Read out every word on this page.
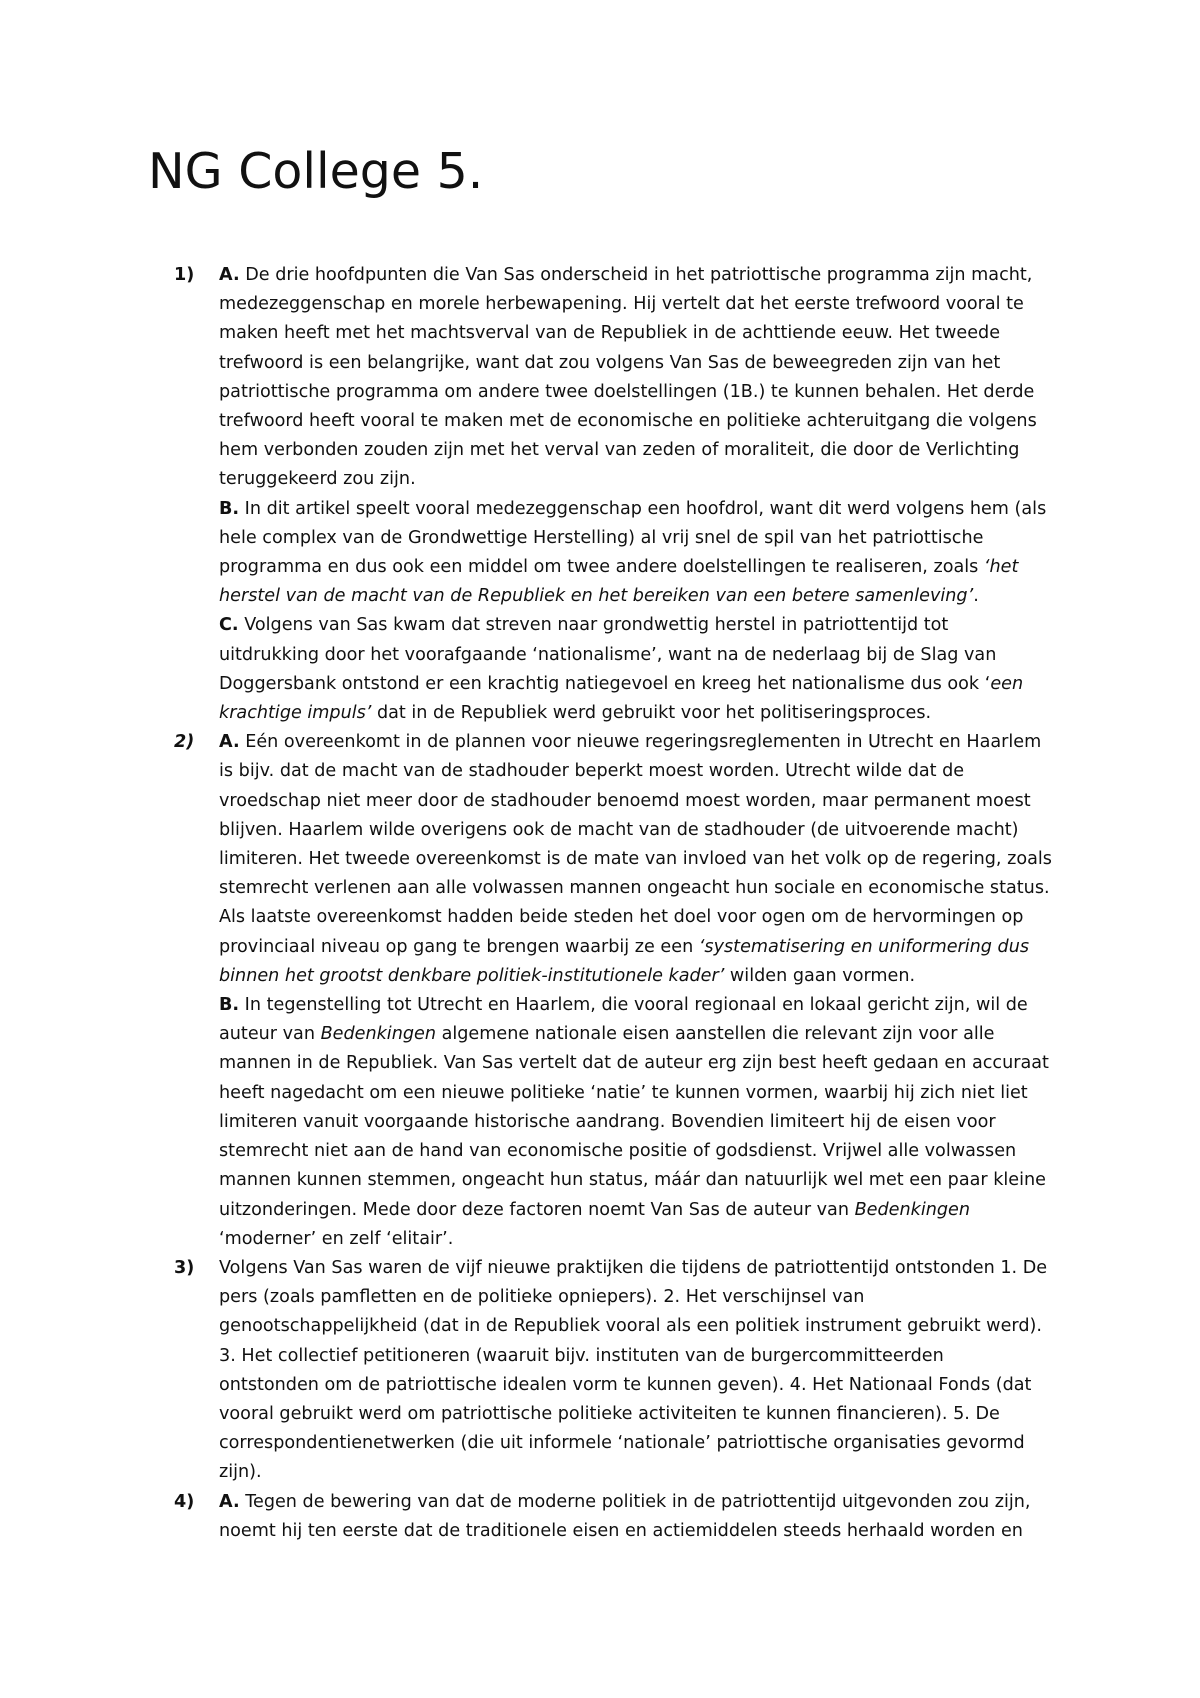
NG College 5.
1) A. De drie hoofdpunten die Van Sas onderscheid in het patriottische programma zijn macht,
medezeggenschap en morele herbewapening. Hij vertelt dat het eerste trefwoord vooral te
maken heeft met het machtsverval van de Republiek in de achttiende eeuw. Het tweede
trefwoord is een belangrijke, want dat zou volgens Van Sas de beweegreden zijn van het
patriottische programma om andere twee doelstellingen (1B.) te kunnen behalen. Het derde
trefwoord heeft vooral te maken met de economische en politieke achteruitgang die volgens
hem verbonden zouden zijn met het verval van zeden of moraliteit, die door de Verlichting
teruggekeerd zou zijn.
B. In dit artikel speelt vooral medezeggenschap een hoofdrol, want dit werd volgens hem (als
hele complex van de Grondwettige Herstelling) al vrij snel de spil van het patriottische
programma en dus ook een middel om twee andere doelstellingen te realiseren, zoals ‘het
herstel van de macht van de Republiek en het bereiken van een betere samenleving’.
C. Volgens van Sas kwam dat streven naar grondwettig herstel in patriottentijd tot
uitdrukking door het voorafgaande ‘nationalisme’, want na de nederlaag bij de Slag van
Doggersbank ontstond er een krachtig natiegevoel en kreeg het nationalisme dus ook ‘een
krachtige impuls’ dat in de Republiek werd gebruikt voor het politiseringsproces.
2) A. Eén overeenkomt in de plannen voor nieuwe regeringsreglementen in Utrecht en Haarlem
is bijv. dat de macht van de stadhouder beperkt moest worden. Utrecht wilde dat de
vroedschap niet meer door de stadhouder benoemd moest worden, maar permanent moest
blijven. Haarlem wilde overigens ook de macht van de stadhouder (de uitvoerende macht)
limiteren. Het tweede overeenkomst is de mate van invloed van het volk op de regering, zoals
stemrecht verlenen aan alle volwassen mannen ongeacht hun sociale en economische status.
Als laatste overeenkomst hadden beide steden het doel voor ogen om de hervormingen op
provinciaal niveau op gang te brengen waarbij ze een ‘systematisering en uniformering dus
binnen het grootst denkbare politiek-institutionele kader’ wilden gaan vormen.
B. In tegenstelling tot Utrecht en Haarlem, die vooral regionaal en lokaal gericht zijn, wil de
auteur van Bedenkingen algemene nationale eisen aanstellen die relevant zijn voor alle
mannen in de Republiek. Van Sas vertelt dat de auteur erg zijn best heeft gedaan en accuraat
heeft nagedacht om een nieuwe politieke ‘natie’ te kunnen vormen, waarbij hij zich niet liet
limiteren vanuit voorgaande historische aandrang. Bovendien limiteert hij de eisen voor
stemrecht niet aan de hand van economische positie of godsdienst. Vrijwel alle volwassen
mannen kunnen stemmen, ongeacht hun status, máár dan natuurlijk wel met een paar kleine
uitzonderingen. Mede door deze factoren noemt Van Sas de auteur van Bedenkingen
‘moderner’ en zelf ‘elitair’.
3) Volgens Van Sas waren de vijf nieuwe praktijken die tijdens de patriottentijd ontstonden 1. De
pers (zoals pamfletten en de politieke opniepers). 2. Het verschijnsel van
genootschappelijkheid (dat in de Republiek vooral als een politiek instrument gebruikt werd).
3. Het collectief petitioneren (waaruit bijv. instituten van de burgercommitteerden
ontstonden om de patriottische idealen vorm te kunnen geven). 4. Het Nationaal Fonds (dat
vooral gebruikt werd om patriottische politieke activiteiten te kunnen financieren). 5. De
correspondentienetwerken (die uit informele ‘nationale’ patriottische organisaties gevormd
zijn).
4) A. Tegen de bewering van dat de moderne politiek in de patriottentijd uitgevonden zou zijn,
noemt hij ten eerste dat de traditionele eisen en actiemiddelen steeds herhaald worden en
